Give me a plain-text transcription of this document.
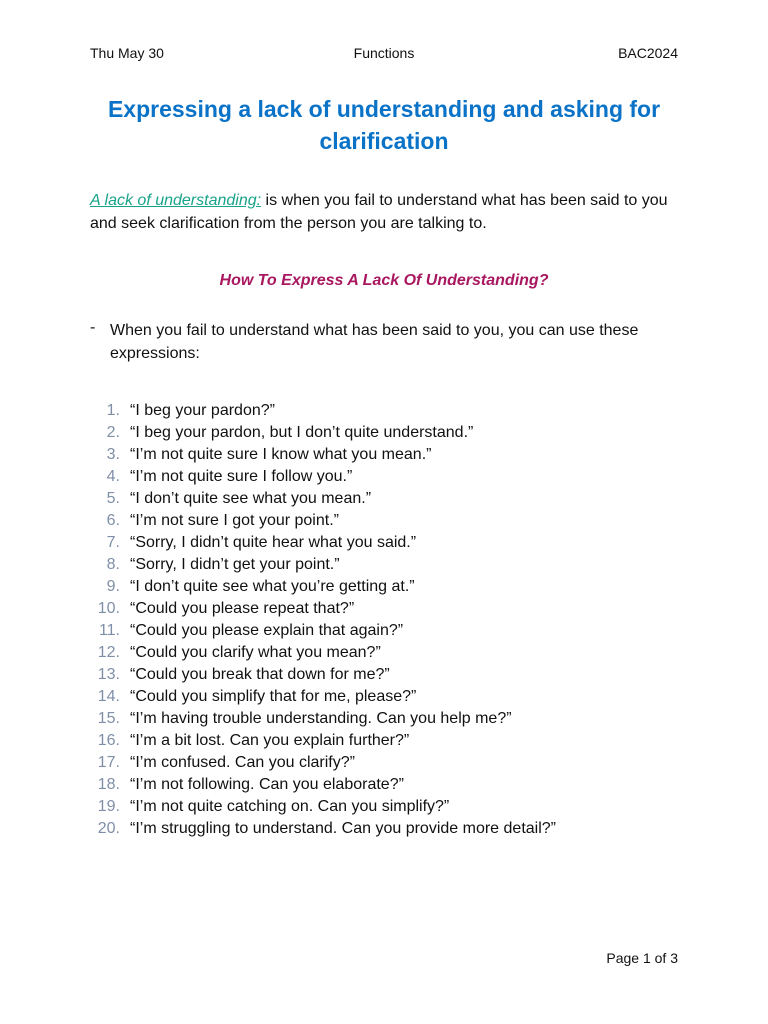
Thu May 30	Functions	BAC2024
Expressing a lack of understanding and asking for clarification
A lack of understanding: is when you fail to understand what has been said to you and seek clarification from the person you are talking to.
How To Express A Lack Of Understanding?
- When you fail to understand what has been said to you, you can use these expressions:
1. “I beg your pardon?”
2. “I beg your pardon, but I don’t quite understand.”
3. “I’m not quite sure I know what you mean.”
4. “I’m not quite sure I follow you.”
5. “I don’t quite see what you mean.”
6. “I’m not sure I got your point.”
7. “Sorry, I didn’t quite hear what you said.”
8. “Sorry, I didn’t get your point.”
9. “I don’t quite see what you’re getting at.”
10. “Could you please repeat that?”
11. “Could you please explain that again?”
12. “Could you clarify what you mean?”
13. “Could you break that down for me?”
14. “Could you simplify that for me, please?”
15. “I’m having trouble understanding. Can you help me?”
16. “I’m a bit lost. Can you explain further?”
17. “I’m confused. Can you clarify?”
18. “I’m not following. Can you elaborate?”
19. “I’m not quite catching on. Can you simplify?”
20. “I’m struggling to understand. Can you provide more detail?”
Page 1 of 3
